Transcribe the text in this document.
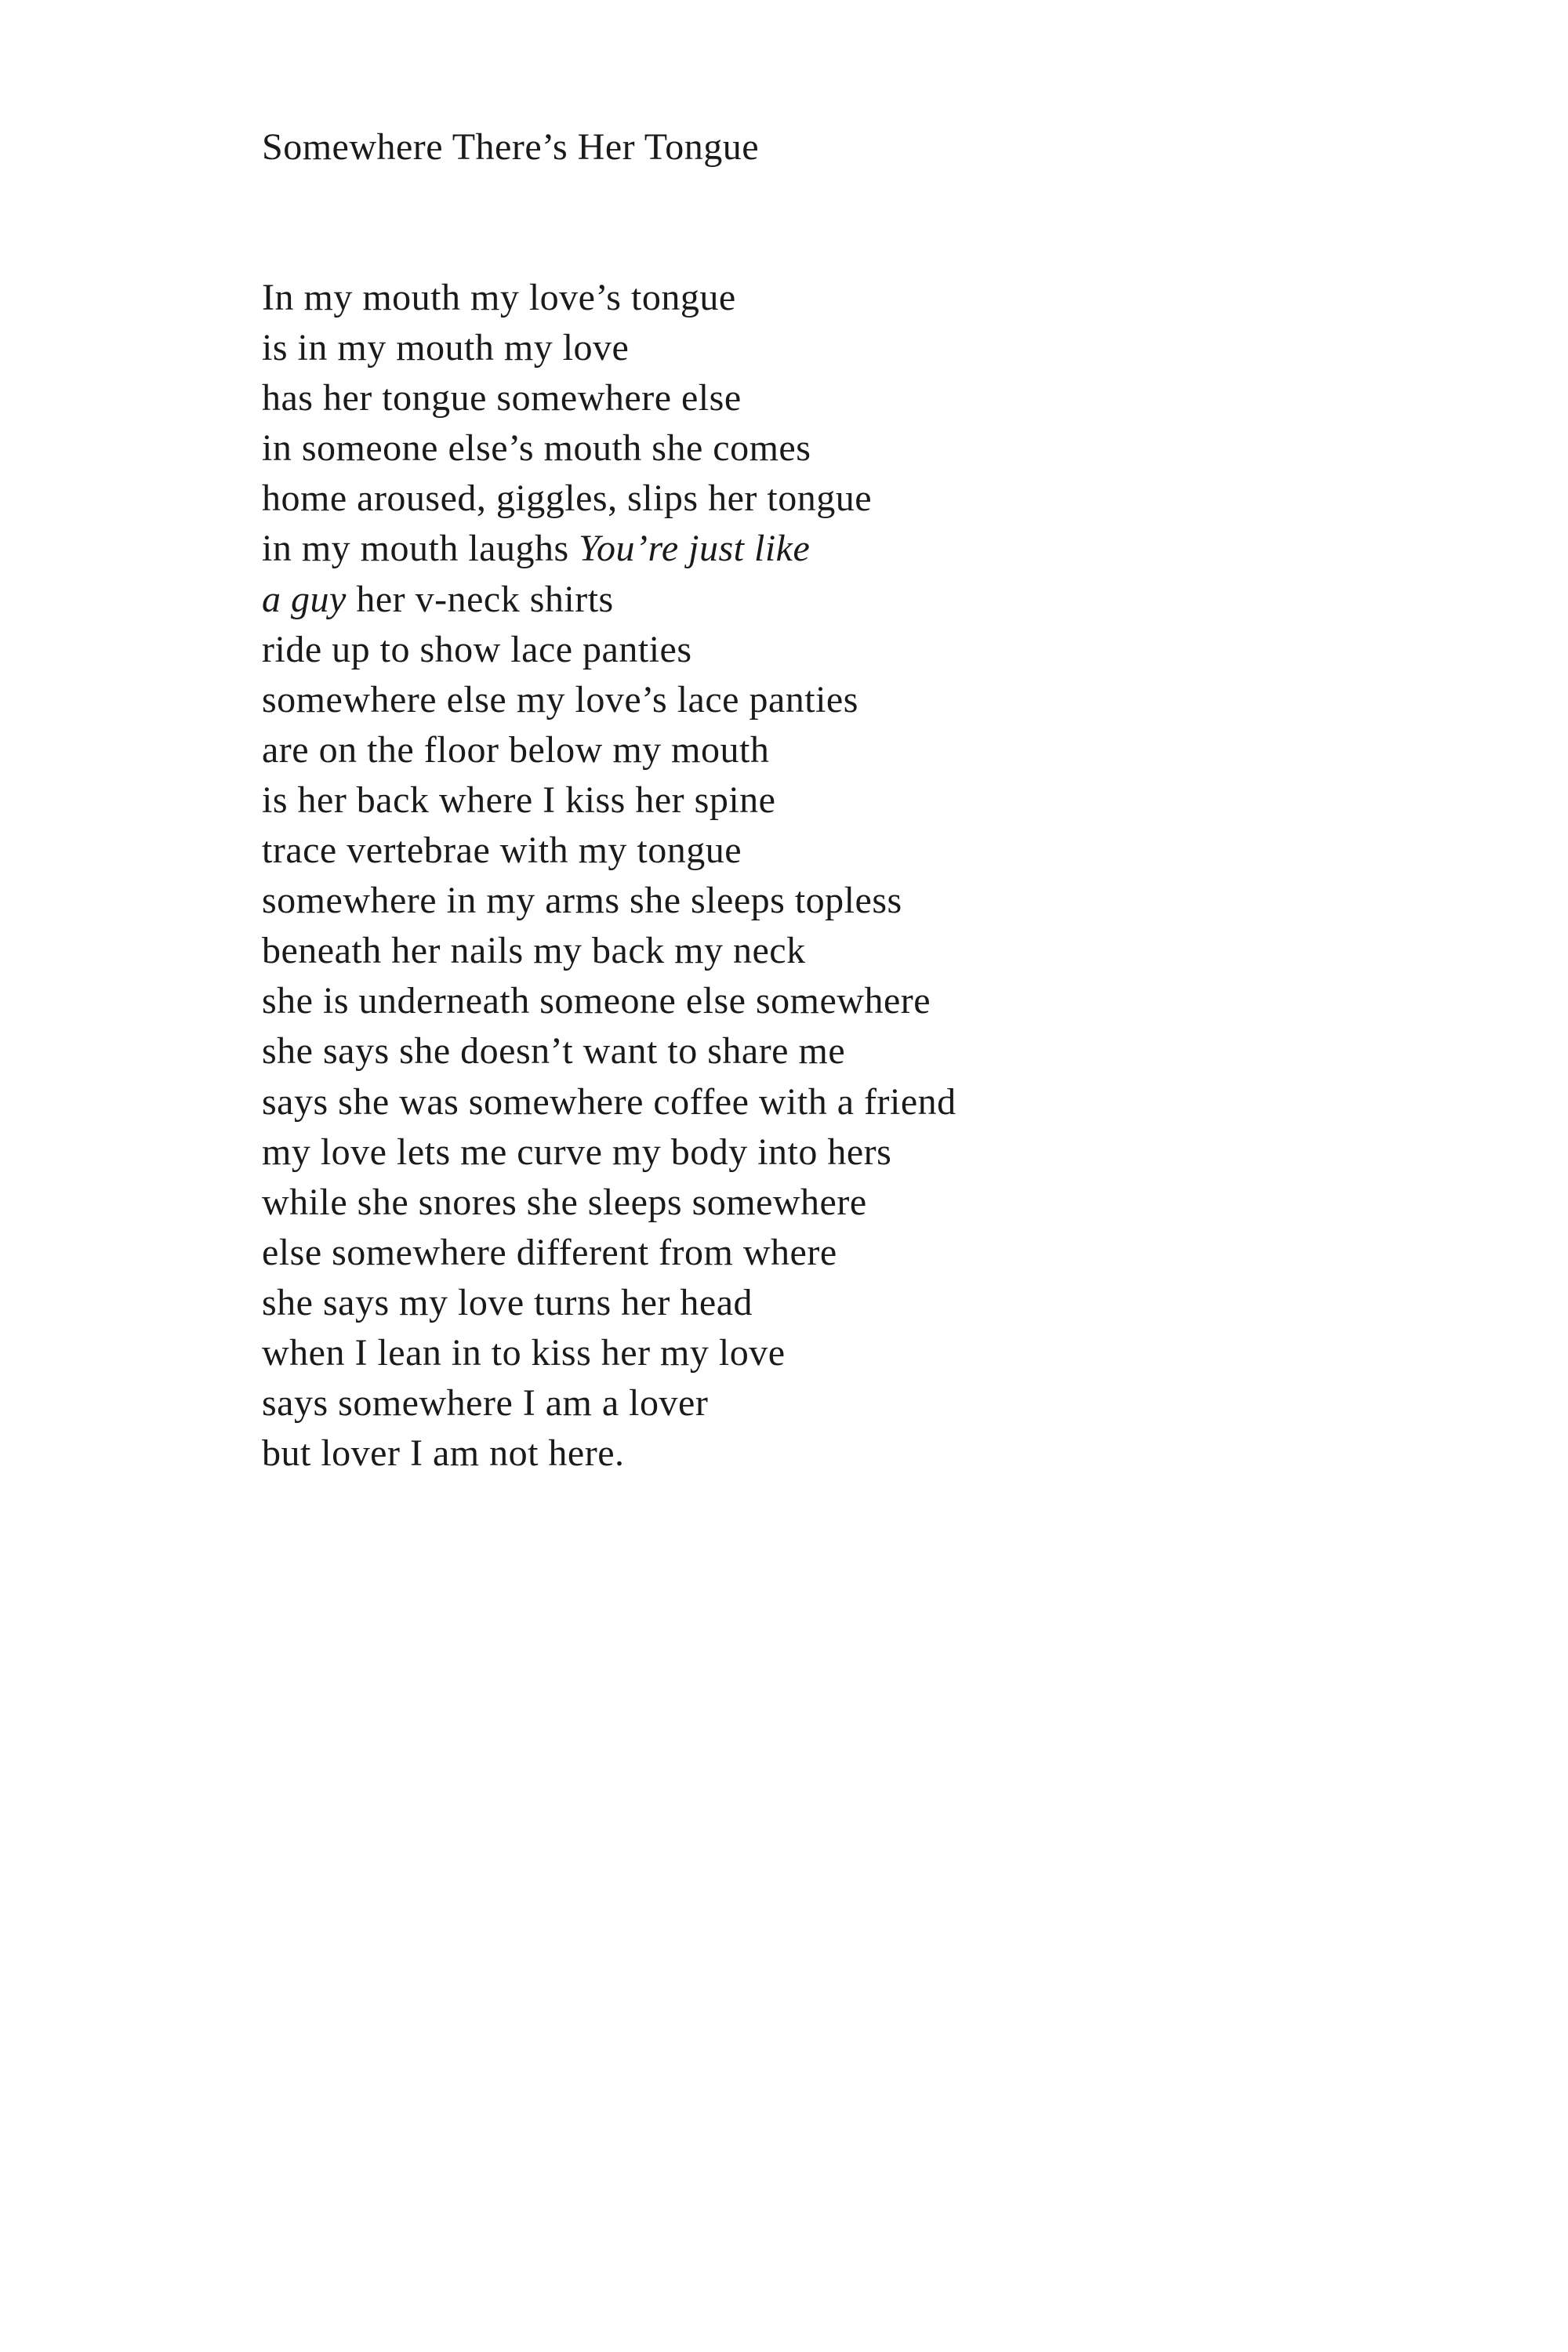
Somewhere There’s Her Tongue
In my mouth my love’s tongue
is in my mouth my love
has her tongue somewhere else
in someone else’s mouth she comes
home aroused, giggles, slips her tongue
in my mouth laughs You’re just like
a guy her v-neck shirts
ride up to show lace panties
somewhere else my love’s lace panties
are on the floor below my mouth
is her back where I kiss her spine
trace vertebrae with my tongue
somewhere in my arms she sleeps topless
beneath her nails my back my neck
she is underneath someone else somewhere
she says she doesn’t want to share me
says she was somewhere coffee with a friend
my love lets me curve my body into hers
while she snores she sleeps somewhere
else somewhere different from where
she says my love turns her head
when I lean in to kiss her my love
says somewhere I am a lover
but lover I am not here.
